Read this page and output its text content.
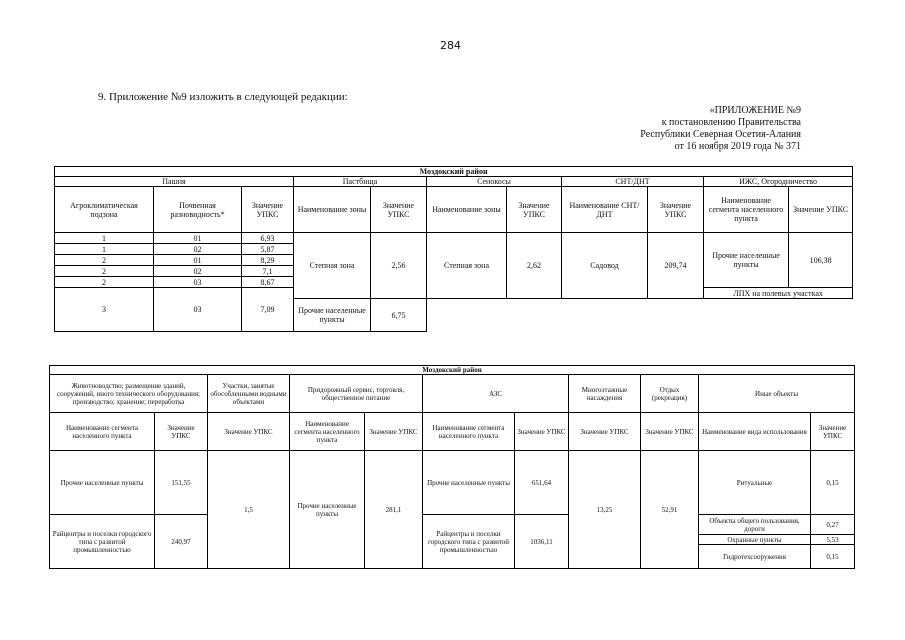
284
9. Приложение №9 изложить в следующей редакции:
«ПРИЛОЖЕНИЕ №9
к постановлению Правительства
Республики Северная Осетия-Алания
от 16 ноября 2019 года № 371
Моздокский район										
Пашня			Пастбища		Сенокосы		СНТ/ДНТ		ИЖС, Огородничество	
Агроклиматическая подзона	Почвенная разновидность*	Значение УПКС	Наименование зоны	Значение УПКС	Наименование зоны	Значение УПКС	Наименование СНТ/ДНТ	Значение УПКС	Наименование сегмента населенного пункта	Значение УПКС
1	01	6,93	Степная зона	2,56	Степная зона	2,62	Садовод	209,74	Прочие населенные пункты	106,38
1	02	5,87								
2	01	8,29								
2	02	7,1								
2	03	8,67								
3	03	7,09							ЛПХ на полевых участках	
			Прочие населенные пункты	6,75						
Моздокский район										
Животноводство; размещение зданий, сооружений, иного технического оборудования; производство; хранение; переработка		Участки, занятые обособленными водными объектами	Придорожный сервис, торговля, общественное питание		АЗС		Многоэтажные насаждения	Отдых (рекреация)	Иные объекты	
Наименование сегмента населенного пункта	Значение УПКС	Значение УПКС	Наименование сегмента населенного пункта	Значение УПКС	Наименование сегмента населенного пункта	Значение УПКС	Значение УПКС	Значение УПКС	Наименование вида использования	Значение УПКС
Прочие населенные пункты	151,55	1,5	Прочие населенные пункты	281,1	Прочие населенные пункты	651,64	13,25	52,91	Ритуальные	0,15
Райцентры и поселки городского типа с развитой промышленностью	240,97				Райцентры и поселки городского типа с развитой промышленностью	1036,11			Объекты общего пользования, дороги	0,27
									Охранные пункты	5,53
									Гидротехсооружения	0,15
